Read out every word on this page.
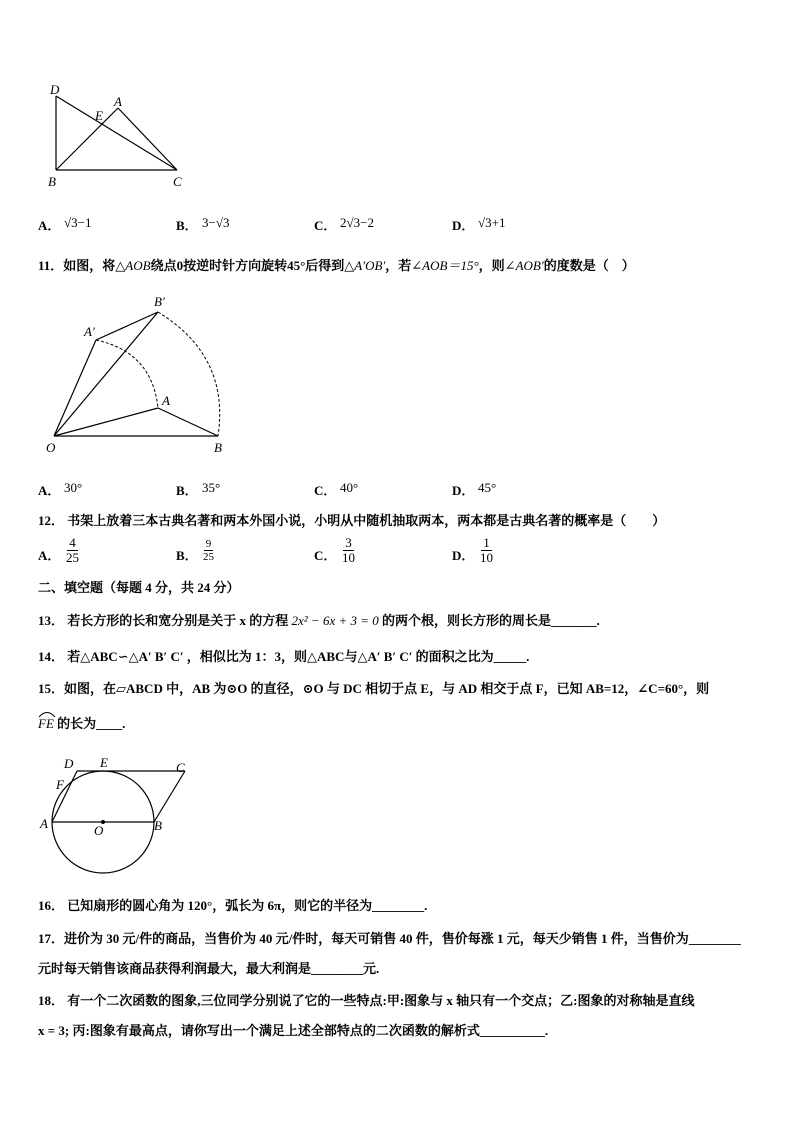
D
A
E
B	C
A． √3−1	B． 3−√3	C． 2√3−2	D． √3+1
11．如图，将△AOB绕点0按逆时针方向旋转45°后得到△A′OB′，若∠AOB＝15°，则∠AOB′的度数是（　）
B′
A′
A
O	B
A． 30°	B． 35°	C． 40°	D． 45°
12． 书架上放着三本古典名著和两本外国小说，小明从中随机抽取两本，两本都是古典名著的概率是（　　）
A． $\frac{4}{25}$	B． $\frac{9}{25}$	C． $\frac{3}{10}$	D． $\frac{1}{10}$
二、填空题（每题 4 分，共 24 分）
13． 若长方形的长和宽分别是关于 x 的方程 2x² − 6x + 3 = 0 的两个根，则长方形的周长是_______.
14． 若△ABC∽△A′ B′ C′ ，相似比为 1：3，则△ABC与△A′ B′ C′ 的面积之比为_____.
15．如图，在▱ABCD 中，AB 为⊙O 的直径，⊙O 与 DC 相切于点 E，与 AD 相交于点 F，已知 AB=12，∠C=60°，则
FE 的长为____.
D E	C
F
A	O	B
16． 已知扇形的圆心角为 120°，弧长为 6π，则它的半径为________.
17．进价为 30 元/件的商品，当售价为 40 元/件时，每天可销售 40 件，售价每涨 1 元，每天少销售 1 件，当售价为________
元时每天销售该商品获得利润最大，最大利润是________元.
18． 有一个二次函数的图象,三位同学分别说了它的一些特点:甲:图象与 x 轴只有一个交点；乙:图象的对称轴是直线
x = 3; 丙:图象有最高点，请你写出一个满足上述全部特点的二次函数的解析式__________.
